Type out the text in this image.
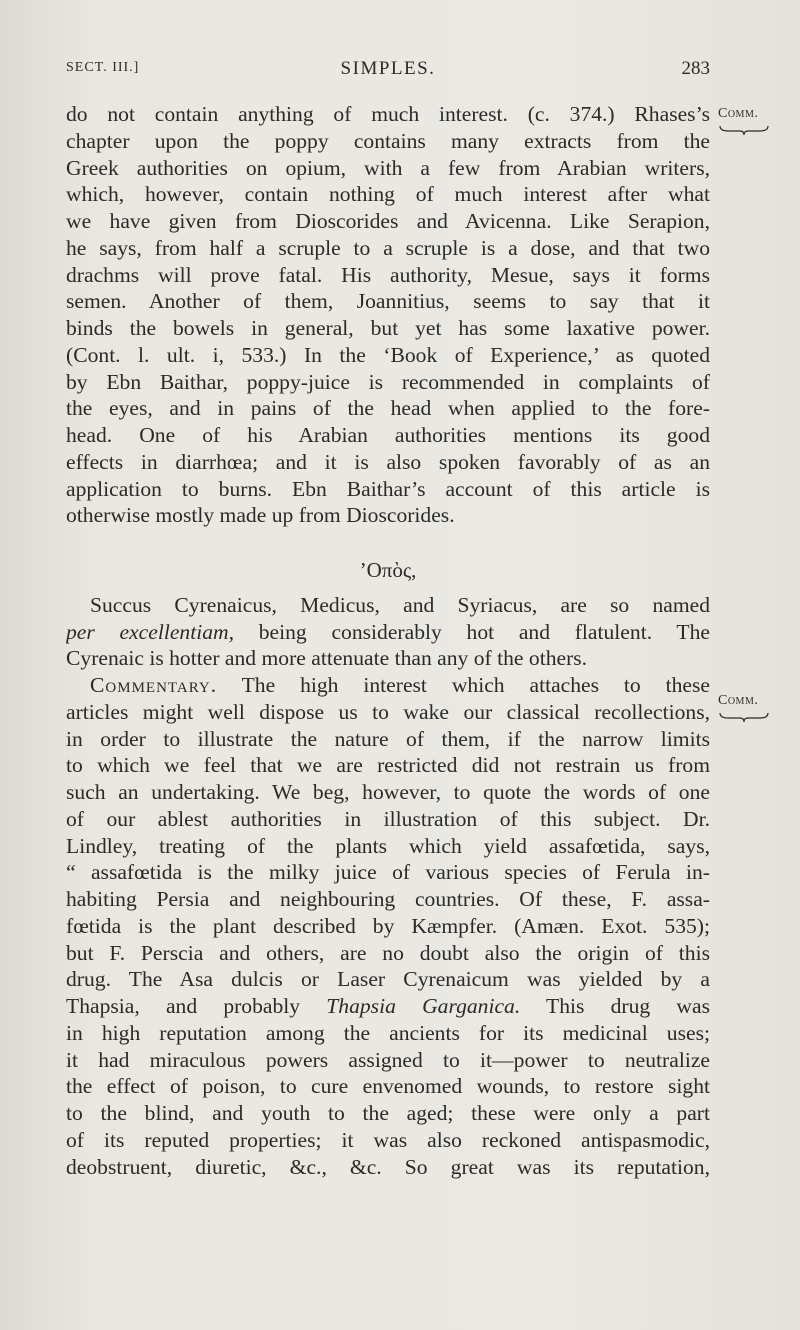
SECT. III.]	SIMPLES.	283
Comm.
Comm.
do not contain anything of much interest. (c. 374.) Rhases’s
chapter upon the poppy contains many extracts from the
Greek authorities on opium, with a few from Arabian writers,
which, however, contain nothing of much interest after what
we have given from Dioscorides and Avicenna. Like Serapion,
he says, from half a scruple to a scruple is a dose, and that two
drachms will prove fatal. His authority, Mesue, says it forms
semen. Another of them, Joannitius, seems to say that it
binds the bowels in general, but yet has some laxative power.
(Cont. l. ult. i, 533.) In the ‘Book of Experience,’ as quoted
by Ebn Baithar, poppy-juice is recommended in complaints of
the eyes, and in pains of the head when applied to the fore-
head. One of his Arabian authorities mentions its good
effects in diarrhœa; and it is also spoken favorably of as an
application to burns. Ebn Baithar’s account of this article is
otherwise mostly made up from Dioscorides.
’Οπὸς,
Succus Cyrenaicus, Medicus, and Syriacus, are so named
per excellentiam, being considerably hot and flatulent. The
Cyrenaic is hotter and more attenuate than any of the others.
Commentary. The high interest which attaches to these
articles might well dispose us to wake our classical recollections,
in order to illustrate the nature of them, if the narrow limits
to which we feel that we are restricted did not restrain us from
such an undertaking. We beg, however, to quote the words of one
of our ablest authorities in illustration of this subject. Dr.
Lindley, treating of the plants which yield assafœtida, says,
“ assafœtida is the milky juice of various species of Ferula in-
habiting Persia and neighbouring countries. Of these, F. assa-
fœtida is the plant described by Kæmpfer. (Amæn. Exot. 535);
but F. Perscia and others, are no doubt also the origin of this
drug. The Asa dulcis or Laser Cyrenaicum was yielded by a
Thapsia, and probably Thapsia Garganica. This drug was
in high reputation among the ancients for its medicinal uses;
it had miraculous powers assigned to it—power to neutralize
the effect of poison, to cure envenomed wounds, to restore sight
to the blind, and youth to the aged; these were only a part
of its reputed properties; it was also reckoned antispasmodic,
deobstruent, diuretic, &c., &c. So great was its reputation,
